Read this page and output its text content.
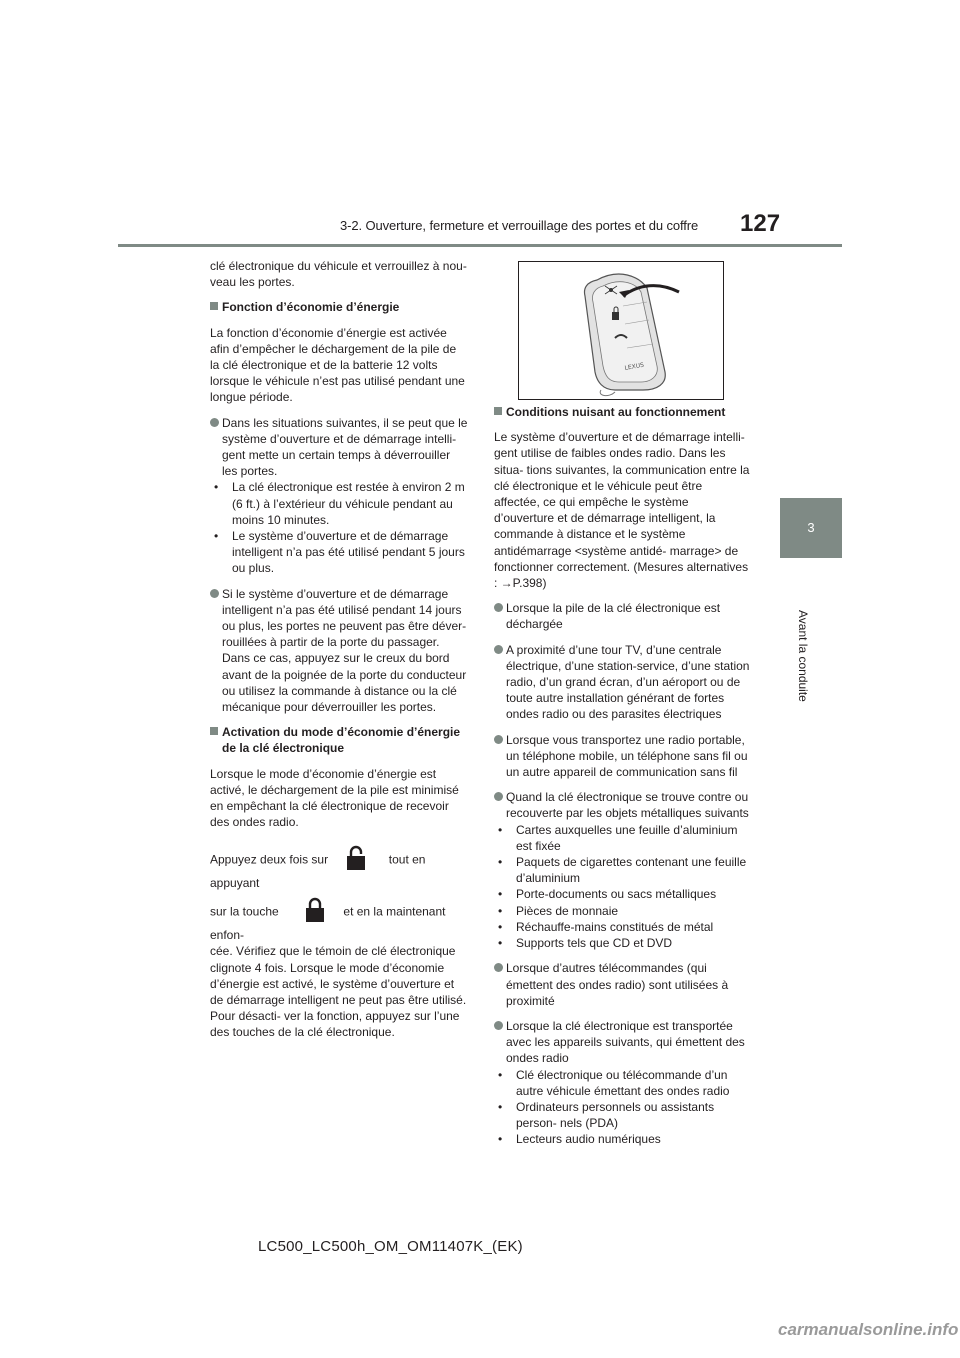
3-2. Ouverture, fermeture et verrouillage des portes et du coffre 127
3
Avant la conduite

clé électronique du véhicule et verrouillez à nou- veau les portes.

Fonction d’économie d’énergie

La fonction d’économie d’énergie est activée afin d’empêcher le déchargement de la pile de la clé électronique et de la batterie 12 volts lorsque le véhicule n’est pas utilisé pendant une longue période.

Dans les situations suivantes, il se peut que le système d’ouverture et de démarrage intelli- gent mette un certain temps à déverrouiller les portes.
• La clé électronique est restée à environ 2 m (6 ft.) à l’extérieur du véhicule pendant au moins 10 minutes.
• Le système d’ouverture et de démarrage intelligent n’a pas été utilisé pendant 5 jours ou plus.
Si le système d’ouverture et de démarrage intelligent n’a pas été utilisé pendant 14 jours ou plus, les portes ne peuvent pas être déver- rouillées à partir de la porte du passager. Dans ce cas, appuyez sur le creux du bord avant de la poignée de la porte du conducteur ou utilisez la commande à distance ou la clé mécanique pour déverrouiller les portes.
Activation du mode d’économie d’énergie de la clé électronique

Lorsque le mode d’économie d’énergie est activé, le déchargement de la pile est minimisé en empêchant la clé électronique de recevoir des ondes radio.

Appuyez deux fois sur	tout en appuyant

sur la touche	et en la maintenant enfon-

cée. Vérifiez que le témoin de clé électronique clignote 4 fois. Lorsque le mode d’économie d’énergie est activé, le système d’ouverture et de démarrage intelligent ne peut pas être utilisé. Pour désacti- ver la fonction, appuyez sur l’une des touches de la clé électronique.

LEXUS
Conditions nuisant au fonctionnement

Le système d’ouverture et de démarrage intelli- gent utilise de faibles ondes radio. Dans les situa- tions suivantes, la communication entre la clé électronique et le véhicule peut être affectée, ce qui empêche le système d’ouverture et de démarrage intelligent, la commande à distance et le système antidémarrage <système antidé- marrage> de fonctionner correctement. (Mesures alternatives : →P.398)

Lorsque la pile de la clé électronique est déchargée
A proximité d’une tour TV, d’une centrale électrique, d’une station-service, d’une station radio, d’un grand écran, d’un aéroport ou de toute autre installation générant de fortes ondes radio ou des parasites électriques
Lorsque vous transportez une radio portable, un téléphone mobile, un téléphone sans fil ou un autre appareil de communication sans fil
Quand la clé électronique se trouve contre ou recouverte par les objets métalliques suivants
• Cartes auxquelles une feuille d’aluminium est fixée
• Paquets de cigarettes contenant une feuille d’aluminium
• Porte-documents ou sacs métalliques
• Pièces de monnaie
• Réchauffe-mains constitués de métal
• Supports tels que CD et DVD
Lorsque d’autres télécommandes (qui émettent des ondes radio) sont utilisées à proximité
Lorsque la clé électronique est transportée avec les appareils suivants, qui émettent des ondes radio
• Clé électronique ou télécommande d’un autre véhicule émettant des ondes radio
• Ordinateurs personnels ou assistants person- nels (PDA)
• Lecteurs audio numériques
LC500_LC500h_OM_OM11407K_(EK)
carmanualsonline.info
